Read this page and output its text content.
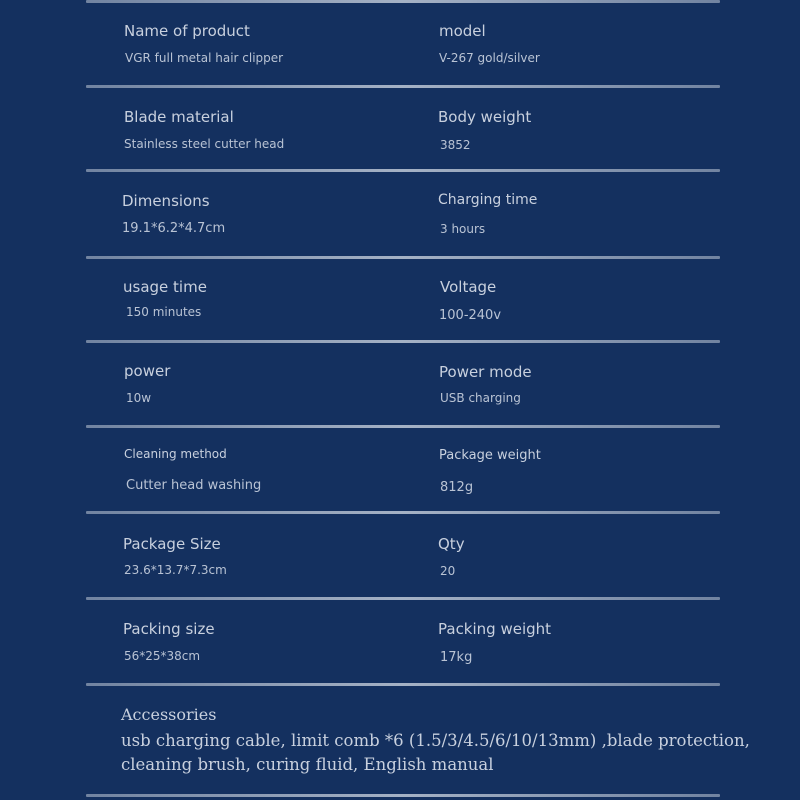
Name of product
VGR full metal hair clipper
model
V-267 gold/silver
Blade material
Stainless steel cutter head
Body weight
3852
Dimensions
19.1*6.2*4.7cm
Charging time
3 hours
usage time
150 minutes
Voltage
100-240v
power
10w
Power mode
USB charging
Cleaning method
Cutter head washing
Package weight
812g
Package Size
23.6*13.7*7.3cm
Qty
20
Packing size
56*25*38cm
Packing weight
17kg
Accessories
usb charging cable, limit comb *6 (1.5/3/4.5/6/10/13mm) ,blade protection, cleaning brush, curing fluid, English manual
